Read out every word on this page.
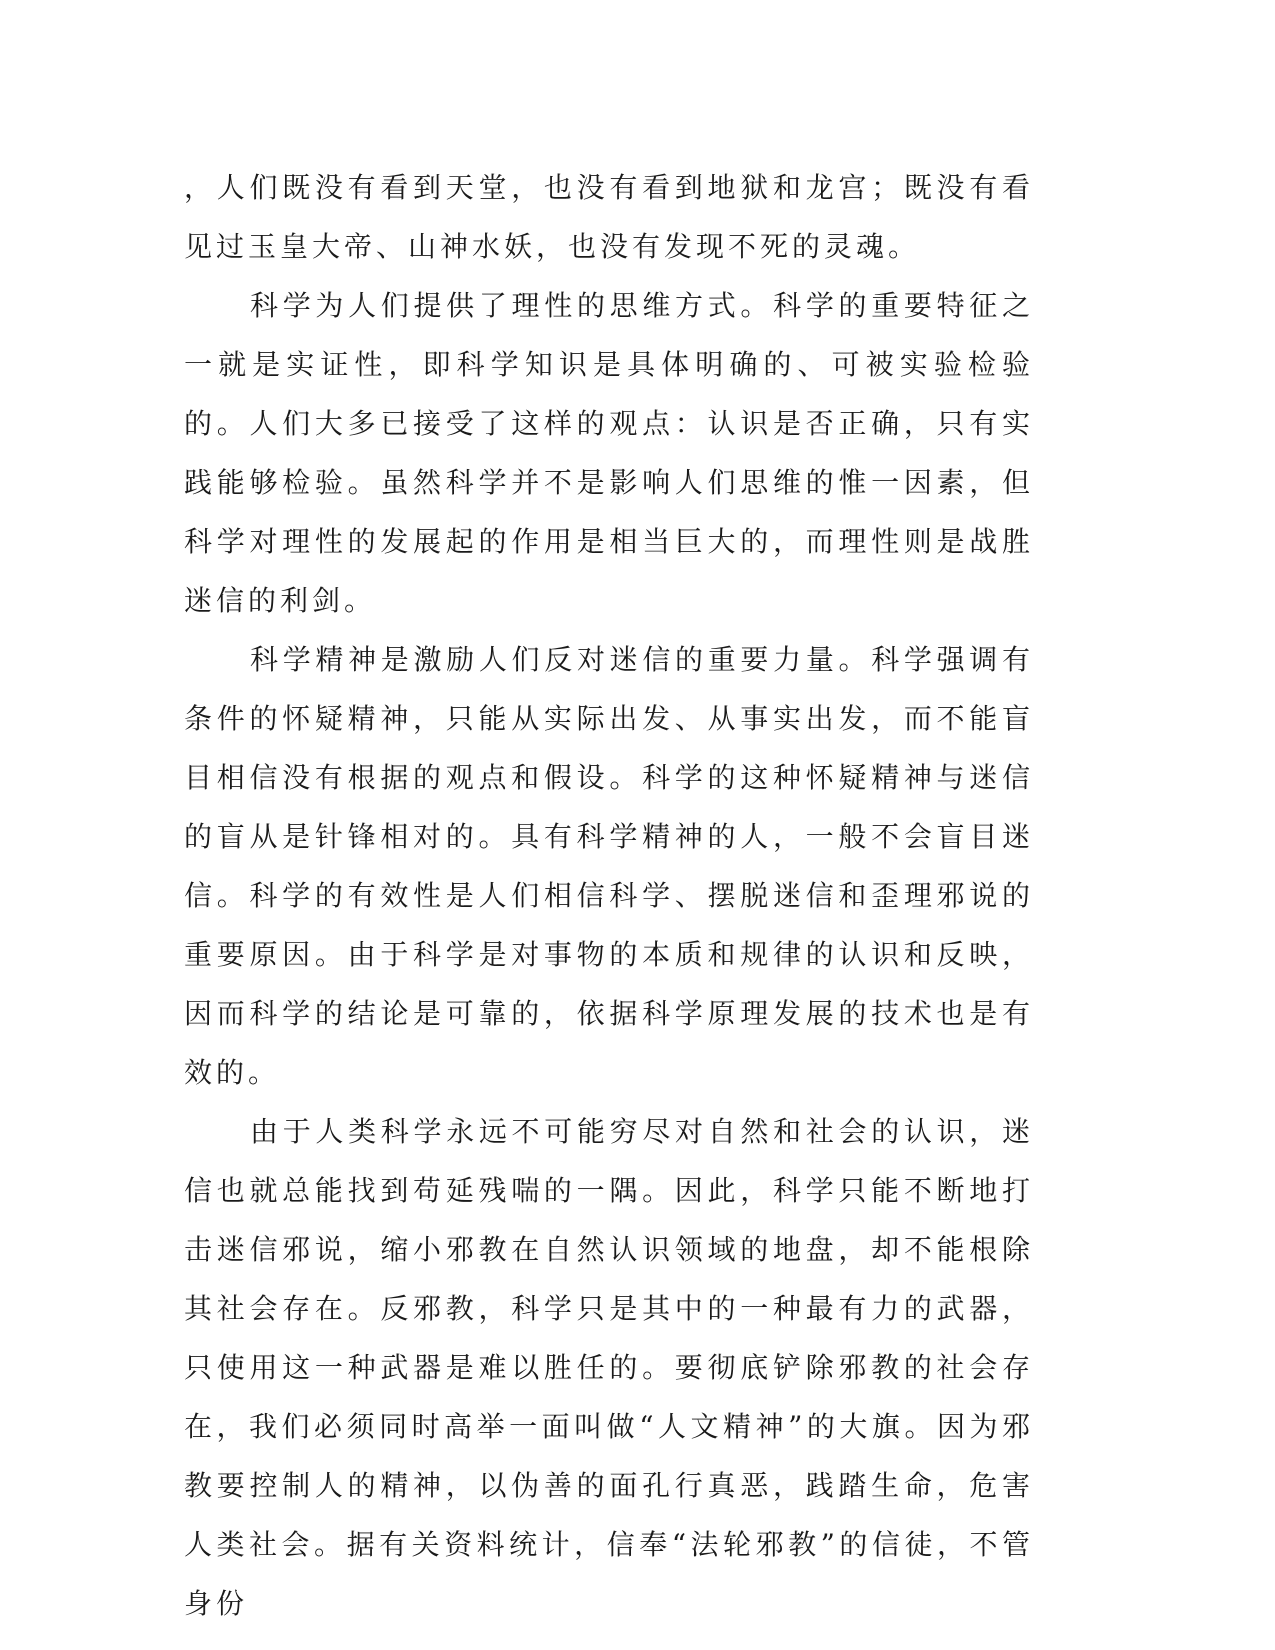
，人们既没有看到天堂，也没有看到地狱和龙宫；既没有看见过玉皇大帝、山神水妖，也没有发现不死的灵魂。

科学为人们提供了理性的思维方式。科学的重要特征之一就是实证性，即科学知识是具体明确的、可被实验检验的。人们大多已接受了这样的观点：认识是否正确，只有实践能够检验。虽然科学并不是影响人们思维的惟一因素，但科学对理性的发展起的作用是相当巨大的，而理性则是战胜迷信的利剑。

科学精神是激励人们反对迷信的重要力量。科学强调有条件的怀疑精神，只能从实际出发、从事实出发，而不能盲目相信没有根据的观点和假设。科学的这种怀疑精神与迷信的盲从是针锋相对的。具有科学精神的人，一般不会盲目迷信。科学的有效性是人们相信科学、摆脱迷信和歪理邪说的重要原因。由于科学是对事物的本质和规律的认识和反映，因而科学的结论是可靠的，依据科学原理发展的技术也是有效的。

由于人类科学永远不可能穷尽对自然和社会的认识，迷信也就总能找到苟延残喘的一隅。因此，科学只能不断地打击迷信邪说，缩小邪教在自然认识领域的地盘，却不能根除其社会存在。反邪教，科学只是其中的一种最有力的武器，只使用这一种武器是难以胜任的。要彻底铲除邪教的社会存在，我们必须同时高举一面叫做“人文精神”的大旗。因为邪教要控制人的精神，以伪善的面孔行真恶，践踏生命，危害人类社会。据有关资料统计，信奉“法轮邪教”的信徒，不管身份
